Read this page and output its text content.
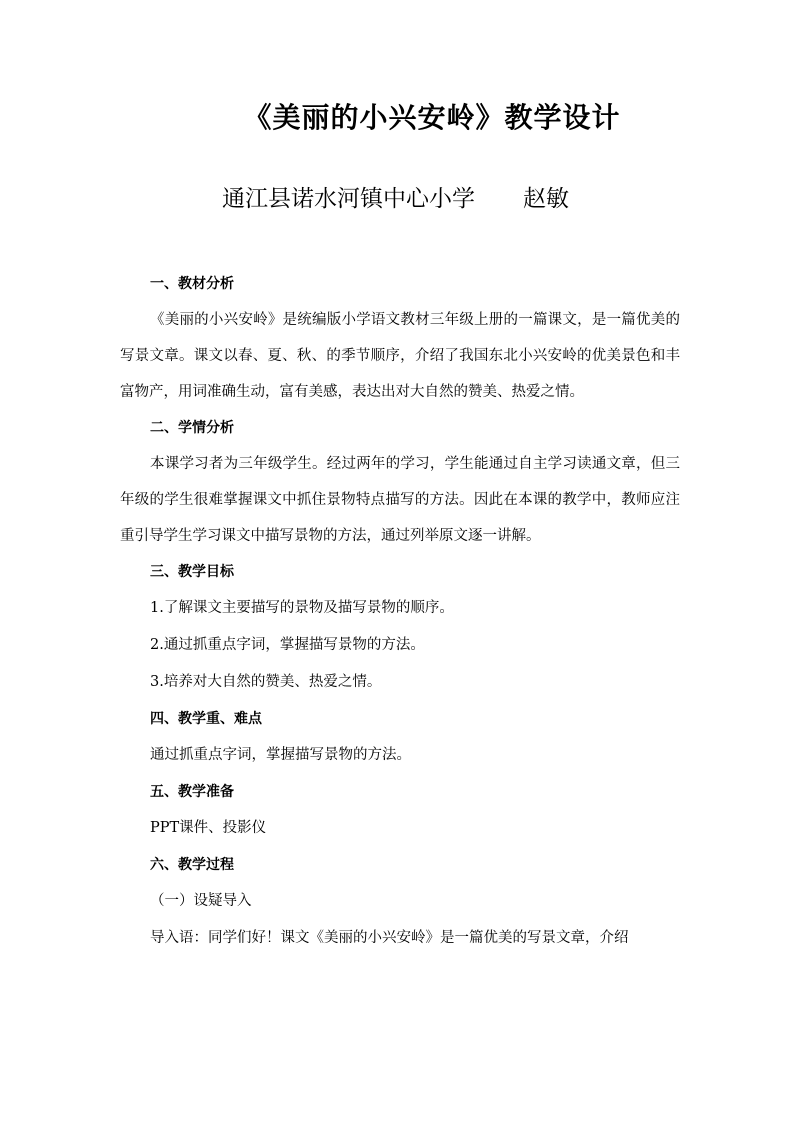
《美丽的小兴安岭》教学设计
通江县诺水河镇中心小学 赵敏
一、教材分析
《美丽的小兴安岭》是统编版小学语文教材三年级上册的一篇课文，是一篇优美的写景文章。课文以春、夏、秋、的季节顺序，介绍了我国东北小兴安岭的优美景色和丰富物产，用词准确生动，富有美感，表达出对大自然的赞美、热爱之情。
二、学情分析
本课学习者为三年级学生。经过两年的学习，学生能通过自主学习读通文章，但三年级的学生很难掌握课文中抓住景物特点描写的方法。因此在本课的教学中，教师应注重引导学生学习课文中描写景物的方法，通过列举原文逐一讲解。
三、教学目标
1.了解课文主要描写的景物及描写景物的顺序。
2.通过抓重点字词，掌握描写景物的方法。
3.培养对大自然的赞美、热爱之情。
四、教学重、难点
通过抓重点字词，掌握描写景物的方法。
五、教学准备
PPT课件、投影仪
六、教学过程
（一）设疑导入
导入语：同学们好！课文《美丽的小兴安岭》是一篇优美的写景文章，介绍
